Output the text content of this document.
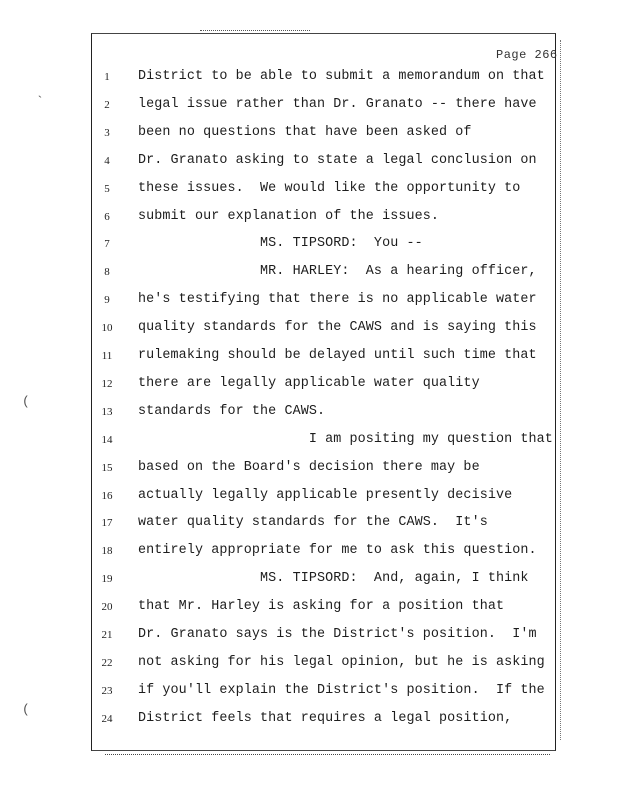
Page 266
`
(
(
1	District to be able to submit a memorandum on that
2	legal issue rather than Dr. Granato -- there have
3	been no questions that have been asked of
4	Dr. Granato asking to state a legal conclusion on
5	these issues.  We would like the opportunity to
6	submit our explanation of the issues.
7	MS. TIPSORD:  You --
8	MR. HARLEY:  As a hearing officer,
9	he's testifying that there is no applicable water
10	quality standards for the CAWS and is saying this
11	rulemaking should be delayed until such time that
12	there are legally applicable water quality
13	standards for the CAWS.
14	I am positing my question that
15	based on the Board's decision there may be
16	actually legally applicable presently decisive
17	water quality standards for the CAWS.  It's
18	entirely appropriate for me to ask this question.
19	MS. TIPSORD:  And, again, I think
20	that Mr. Harley is asking for a position that
21	Dr. Granato says is the District's position.  I'm
22	not asking for his legal opinion, but he is asking
23	if you'll explain the District's position.  If the
24	District feels that requires a legal position,
